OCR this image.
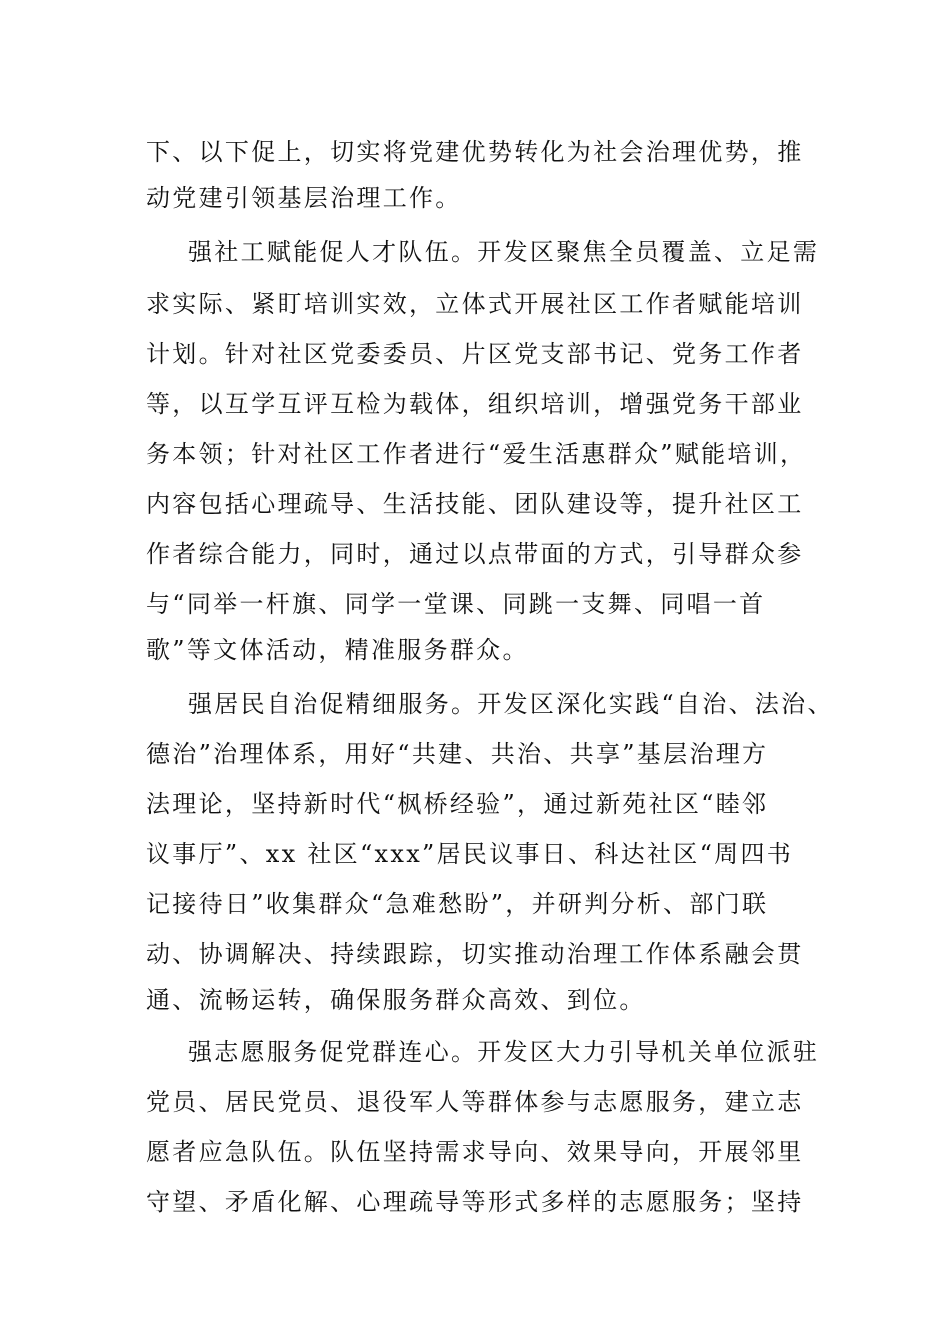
下、以下促上，切实将党建优势转化为社会治理优势，推
动党建引领基层治理工作。
强社工赋能促人才队伍。开发区聚焦全员覆盖、立足需
求实际、紧盯培训实效，立体式开展社区工作者赋能培训
计划。针对社区党委委员、片区党支部书记、党务工作者
等，以互学互评互检为载体，组织培训，增强党务干部业
务本领；针对社区工作者进行“爱生活惠群众”赋能培训，
内容包括心理疏导、生活技能、团队建设等，提升社区工
作者综合能力，同时，通过以点带面的方式，引导群众参
与“同举一杆旗、同学一堂课、同跳一支舞、同唱一首
歌”等文体活动，精准服务群众。
强居民自治促精细服务。开发区深化实践“自治、法治、
德治”治理体系，用好“共建、共治、共享”基层治理方
法理论，坚持新时代“枫桥经验”，通过新苑社区“睦邻
议事厅”、xx 社区“xxx”居民议事日、科达社区“周四书
记接待日”收集群众“急难愁盼”，并研判分析、部门联
动、协调解决、持续跟踪，切实推动治理工作体系融会贯
通、流畅运转，确保服务群众高效、到位。
强志愿服务促党群连心。开发区大力引导机关单位派驻
党员、居民党员、退役军人等群体参与志愿服务，建立志
愿者应急队伍。队伍坚持需求导向、效果导向，开展邻里
守望、矛盾化解、心理疏导等形式多样的志愿服务；坚持
